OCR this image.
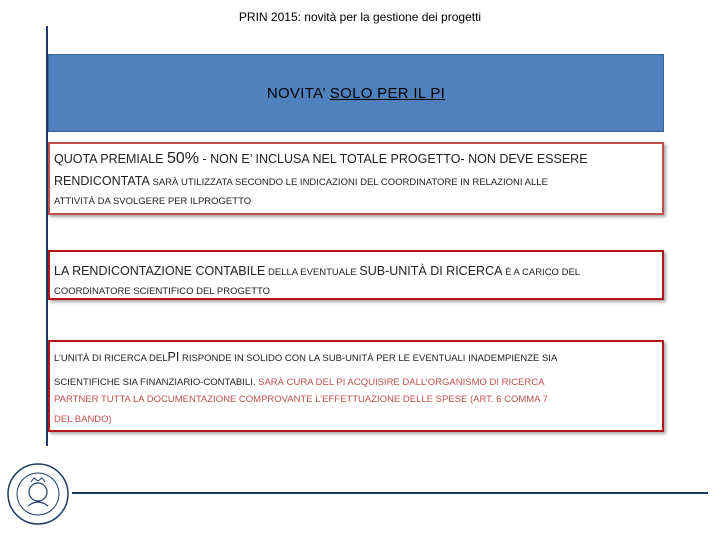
PRIN 2015: novità per la gestione dei progetti
NOVITA’ SOLO PER IL PI

QUOTA PREMIALE 50% - NON E’ INCLUSA NEL TOTALE PROGETTO- NON DEVE ESSERE

RENDICONTATA SARÀ UTILIZZATA SECONDO LE INDICAZIONI DEL COORDINATORE IN RELAZIONI ALLE

ATTIVITÀ DA SVOLGERE PER ILPROGETTO

LA RENDICONTAZIONE CONTABILE DELLA EVENTUALE SUB-UNITÀ DI RICERCA È A CARICO DEL

COORDINATORE SCIENTIFICO DEL PROGETTO

L’UNITÀ DI RICERCA DELPI RISPONDE IN SOLIDO CON LA SUB-UNITÀ PER LE EVENTUALI INADEMPIENZE SIA

SCIENTIFICHE SIA FINANZIARIO-CONTABILI. SARÀ CURA DEL PI ACQUISIRE DALL’ORGANISMO DI RICERCA

PARTNER TUTTA LA DOCUMENTAZIONE COMPROVANTE L’EFFETTUAZIONE DELLE SPESE (ART. 6 COMMA 7

DEL BANDO)
